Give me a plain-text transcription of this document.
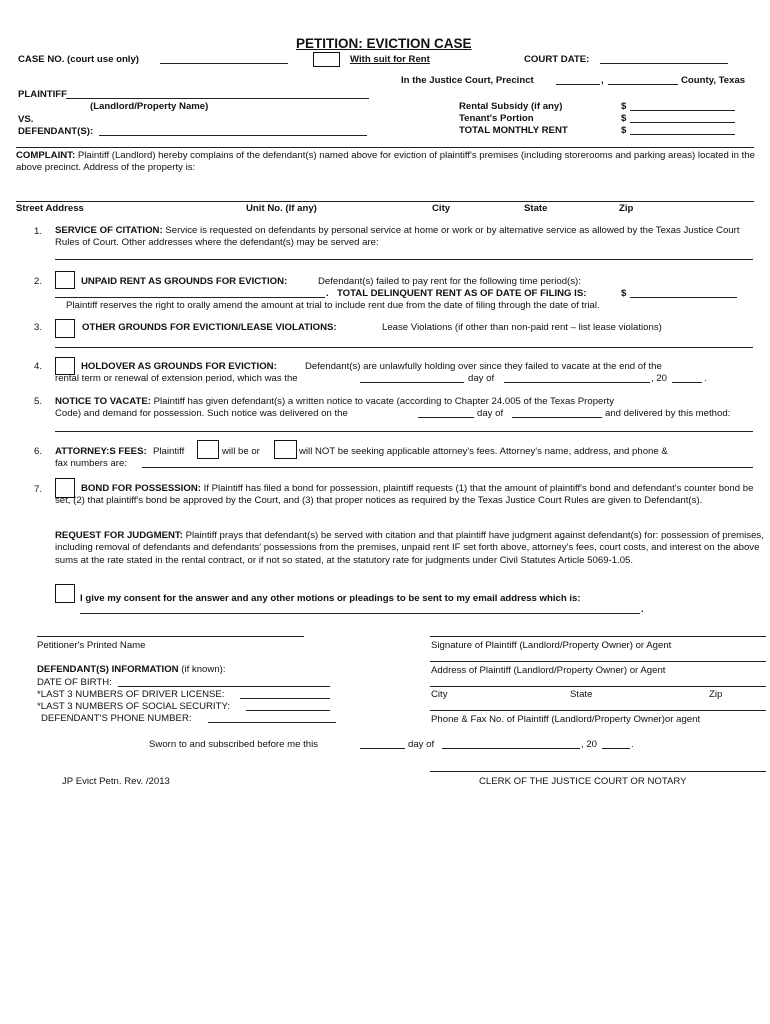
PETITION: EVICTION CASE
CASE NO. (court use only)	With suit for Rent	COURT DATE:
In the Justice Court, Precinct	,	County, Texas
PLAINTIFF
(Landlord/Property Name)
VS.
DEFENDANT(S):
Rental Subsidy (if any)	$
Tenant's Portion	$
TOTAL MONTHLY RENT	$
COMPLAINT: Plaintiff (Landlord) hereby complains of the defendant(s) named above for eviction of plaintiff's premises (including storerooms and parking areas) located in the above precinct. Address of the property is:
Street Address	Unit No. (If any)	City	State	Zip
1. SERVICE OF CITATION: Service is requested on defendants by personal service at home or work or by alternative service as allowed by the Texas Justice Court Rules of Court. Other addresses where the defendant(s) may be served are:
2.	UNPAID RENT AS GROUNDS FOR EVICTION:	Defendant(s) failed to pay rent for the following time period(s):
. TOTAL DELINQUENT RENT AS OF DATE OF FILING IS:	$
Plaintiff reserves the right to orally amend the amount at trial to include rent due from the date of filing through the date of trial.
3.	OTHER GROUNDS FOR EVICTION/LEASE VIOLATIONS:	Lease Violations (if other than non-paid rent – list lease violations)
4.	HOLDOVER AS GROUNDS FOR EVICTION:	Defendant(s) are unlawfully holding over since they failed to vacate at the end of the
rental term or renewal of extension period, which was the	day of	, 20	.
5. NOTICE TO VACATE: Plaintiff has given defendant(s) a written notice to vacate (according to Chapter 24.005 of the Texas Property
Code) and demand for possession. Such notice was delivered on the	day of	and delivered by this method:
6. ATTORNEY:S FEES: Plaintiff	will be or	will NOT be seeking applicable attorney's fees. Attorney's name, address, and phone &
fax numbers are:
7.	BOND FOR POSSESSION: If Plaintiff has filed a bond for possession, plaintiff requests (1) that the amount of plaintiff's bond and defendant's counter bond be set, (2) that plaintiff's bond be approved by the Court, and (3) that proper notices as required by the Texas Justice Court Rules are given to Defendant(s).
REQUEST FOR JUDGMENT: Plaintiff prays that defendant(s) be served with citation and that plaintiff have judgment against defendant(s) for: possession of premises, including removal of defendants and defendants' possessions from the premises, unpaid rent IF set forth above, attorney's fees, court costs, and interest on the above sums at the rate stated in the rental contract, or if not so stated, at the statutory rate for judgments under Civil Statutes Article 5069-1.05.
I give my consent for the answer and any other motions or pleadings to be sent to my email address which is:
.
Petitioner's Printed Name	Signature of Plaintiff (Landlord/Property Owner) or Agent
DEFENDANT(S) INFORMATION (if known):	Address of Plaintiff (Landlord/Property Owner) or Agent
DATE OF BIRTH:
*LAST 3 NUMBERS OF DRIVER LICENSE:	City	State	Zip
*LAST 3 NUMBERS OF SOCIAL SECURITY:
DEFENDANT'S PHONE NUMBER:	Phone & Fax No. of Plaintiff (Landlord/Property Owner)or agent
Sworn to and subscribed before me this	day of	, 20	.
JP Evict Petn. Rev. /2013	CLERK OF THE JUSTICE COURT OR NOTARY
